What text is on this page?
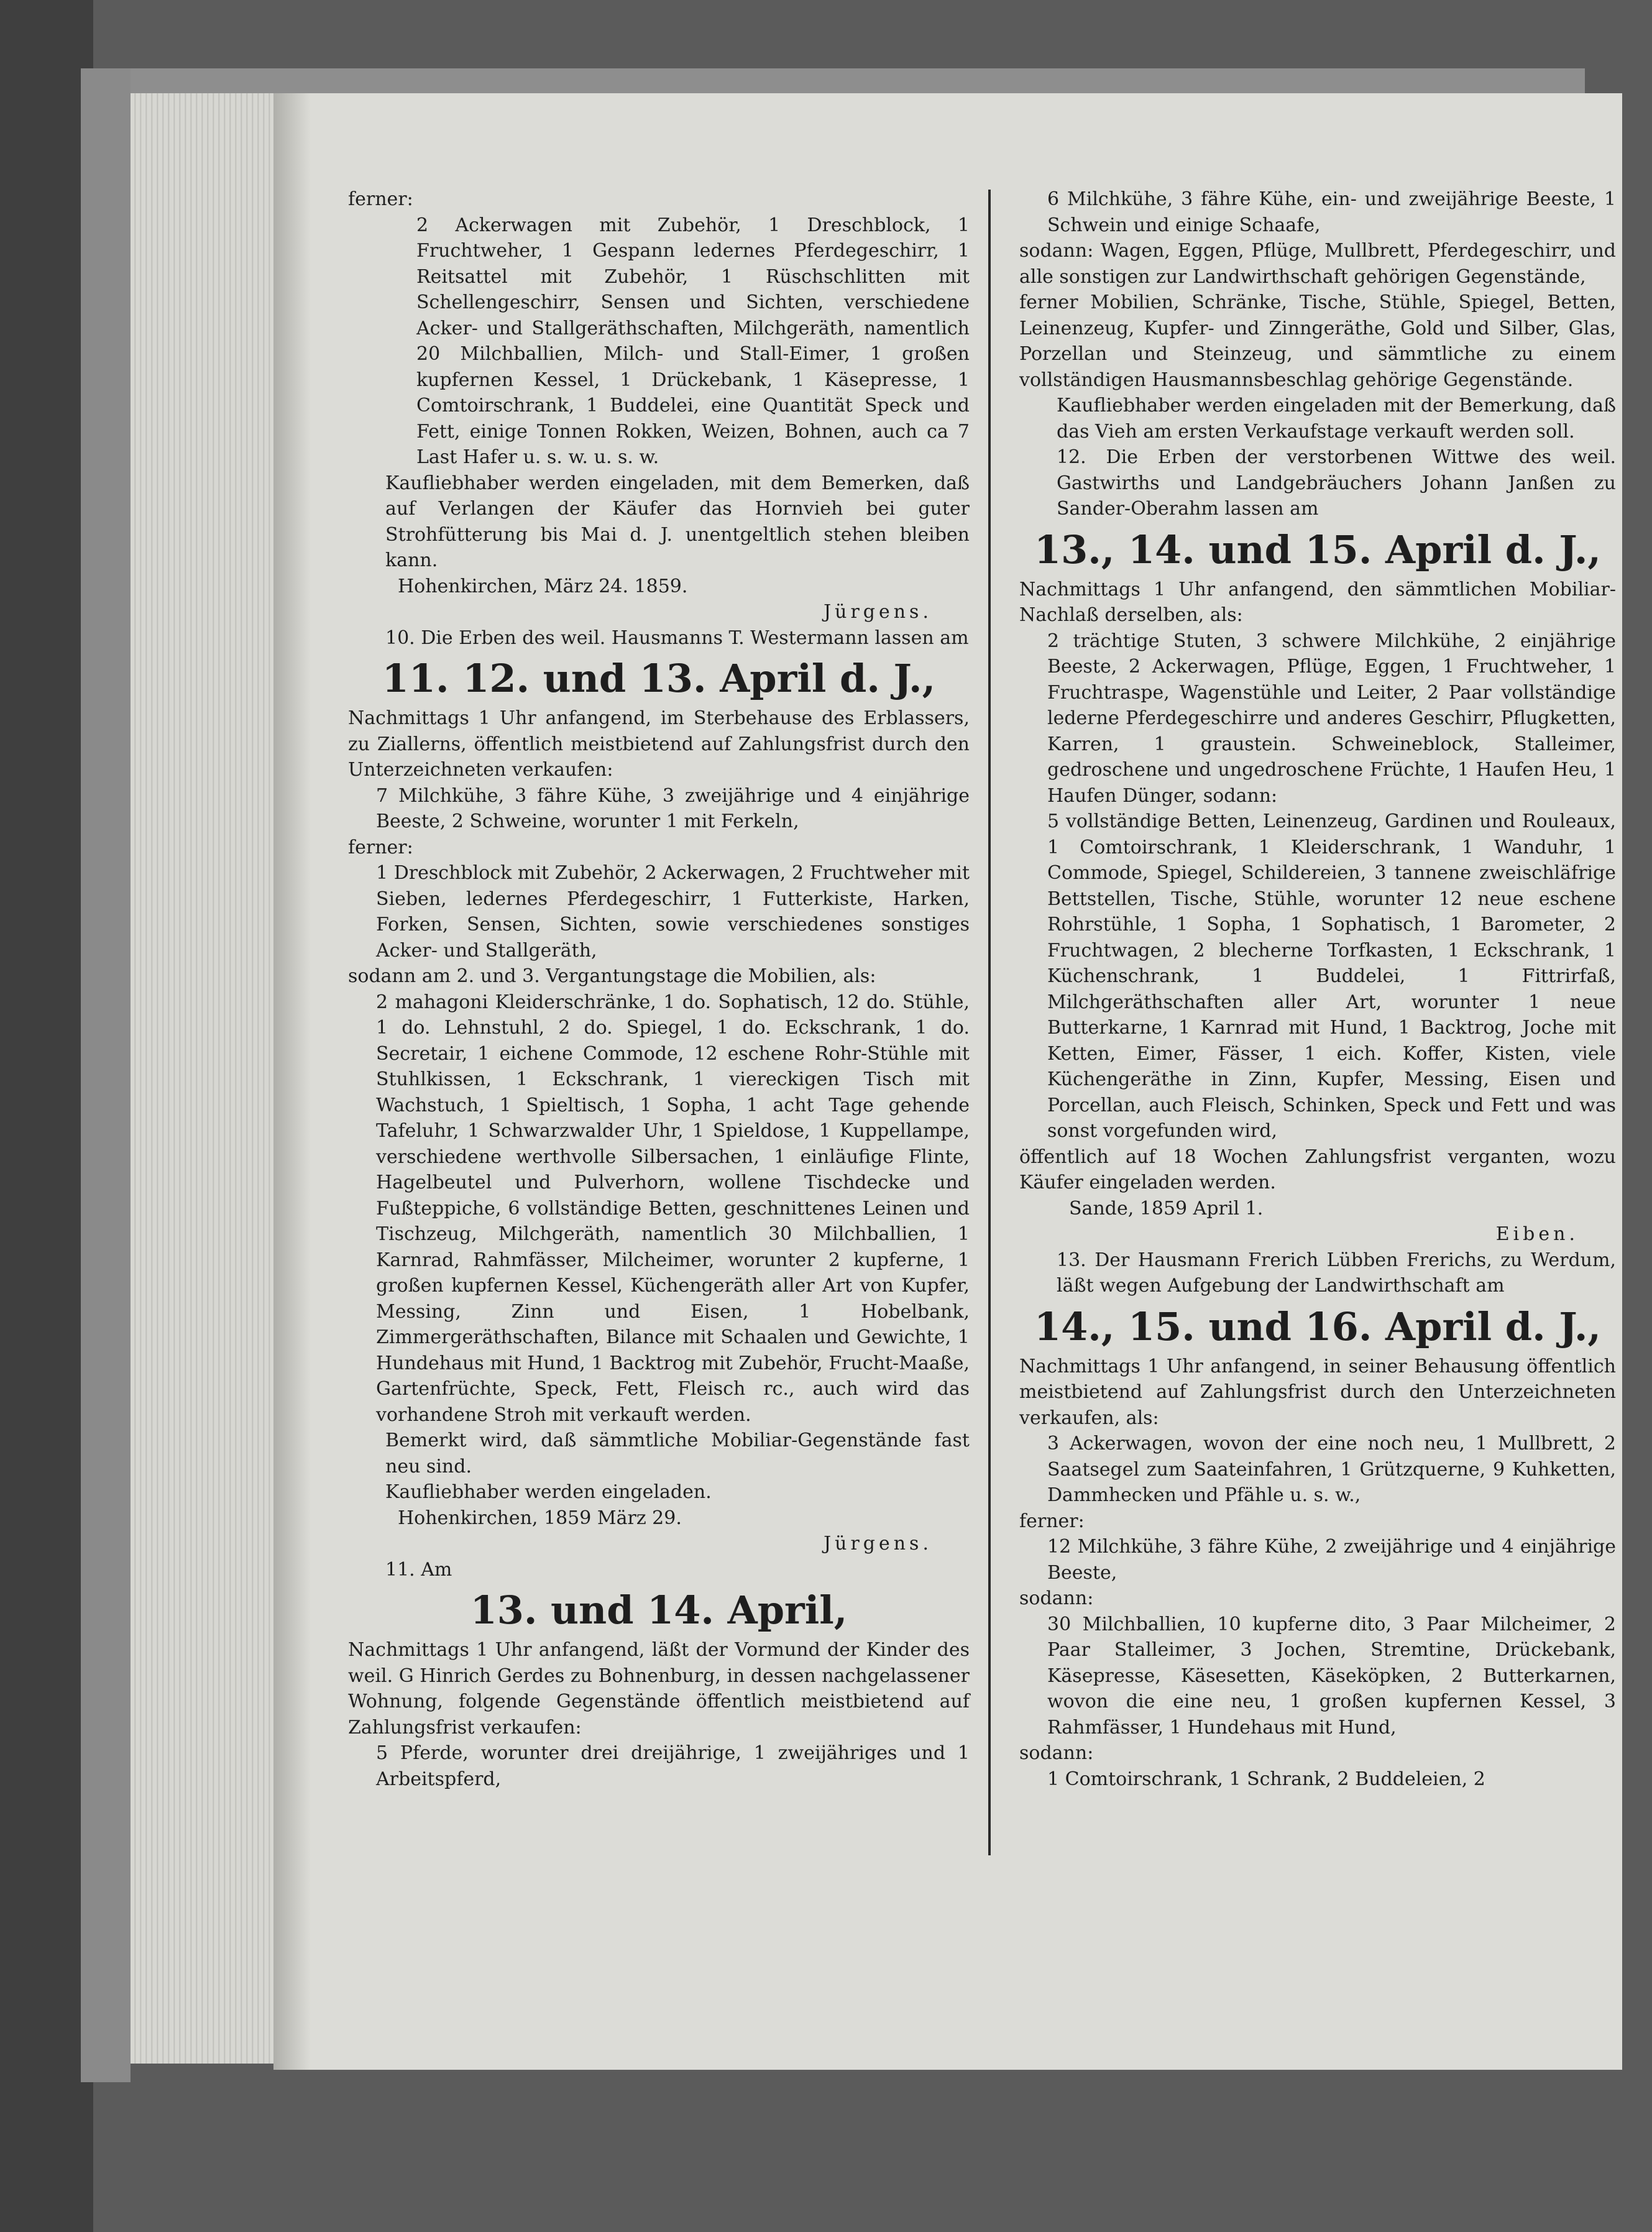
ferner:

2 Ackerwagen mit Zubehör, 1 Dreschblock, 1 Fruchtweher, 1 Gespann ledernes Pferdegeschirr, 1 Reitsattel mit Zubehör, 1 Rüschschlitten mit Schellengeschirr, Sensen und Sichten, verschiedene Acker- und Stallgeräthschaften, Milchgeräth, namentlich 20 Milchballien, Milch- und Stall-Eimer, 1 großen kupfernen Kessel, 1 Drückebank, 1 Käsepresse, 1 Comtoirschrank, 1 Buddelei, eine Quantität Speck und Fett, einige Tonnen Rokken, Weizen, Bohnen, auch ca 7 Last Hafer u. s. w. u. s. w.

Kaufliebhaber werden eingeladen, mit dem Bemerken, daß auf Verlangen der Käufer das Hornvieh bei guter Strohfütterung bis Mai d. J. unentgeltlich stehen bleiben kann.

Hohenkirchen, März 24. 1859.

Jürgens.

10. Die Erben des weil. Hausmanns T. Westermann lassen am

11. 12. und 13. April d. J.,

Nachmittags 1 Uhr anfangend, im Sterbehause des Erblassers, zu Ziallerns, öffentlich meistbietend auf Zahlungsfrist durch den Unterzeichneten verkaufen:

7 Milchkühe, 3 fähre Kühe, 3 zweijährige und 4 einjährige Beeste, 2 Schweine, worunter 1 mit Ferkeln,

ferner:

1 Dreschblock mit Zubehör, 2 Ackerwagen, 2 Fruchtweher mit Sieben, ledernes Pferdegeschirr, 1 Futterkiste, Harken, Forken, Sensen, Sichten, sowie verschiedenes sonstiges Acker- und Stallgeräth,

sodann am 2. und 3. Vergantungstage die Mobilien, als:

2 mahagoni Kleiderschränke, 1 do. Sophatisch, 12 do. Stühle, 1 do. Lehnstuhl, 2 do. Spiegel, 1 do. Eckschrank, 1 do. Secretair, 1 eichene Commode, 12 eschene Rohr-Stühle mit Stuhlkissen, 1 Eckschrank, 1 viereckigen Tisch mit Wachstuch, 1 Spieltisch, 1 Sopha, 1 acht Tage gehende Tafeluhr, 1 Schwarzwalder Uhr, 1 Spieldose, 1 Kuppellampe, verschiedene werthvolle Silbersachen, 1 einläufige Flinte, Hagelbeutel und Pulverhorn, wollene Tischdecke und Fußteppiche, 6 vollständige Betten, geschnittenes Leinen und Tischzeug, Milchgeräth, namentlich 30 Milchballien, 1 Karnrad, Rahmfässer, Milcheimer, worunter 2 kupferne, 1 großen kupfernen Kessel, Küchengeräth aller Art von Kupfer, Messing, Zinn und Eisen, 1 Hobelbank, Zimmergeräthschaften, Bilance mit Schaalen und Gewichte, 1 Hundehaus mit Hund, 1 Backtrog mit Zubehör, Frucht-Maaße, Gartenfrüchte, Speck, Fett, Fleisch rc., auch wird das vorhandene Stroh mit verkauft werden.

Bemerkt wird, daß sämmtliche Mobiliar-Gegenstände fast neu sind.

Kaufliebhaber werden eingeladen.

Hohenkirchen, 1859 März 29.

Jürgens.

11. Am

13. und 14. April,

Nachmittags 1 Uhr anfangend, läßt der Vormund der Kinder des weil. G Hinrich Gerdes zu Bohnenburg, in dessen nachgelassener Wohnung, folgende Gegenstände öffentlich meistbietend auf Zahlungsfrist verkaufen:

5 Pferde, worunter drei dreijährige, 1 zweijähriges und 1 Arbeitspferd,

6 Milchkühe, 3 fähre Kühe, ein- und zweijährige Beeste, 1 Schwein und einige Schaafe,

sodann: Wagen, Eggen, Pflüge, Mullbrett, Pferdegeschirr, und alle sonstigen zur Landwirthschaft gehörigen Gegenstände,

ferner Mobilien, Schränke, Tische, Stühle, Spiegel, Betten, Leinenzeug, Kupfer- und Zinngeräthe, Gold und Silber, Glas, Porzellan und Steinzeug, und sämmtliche zu einem vollständigen Hausmannsbeschlag gehörige Gegenstände.

Kaufliebhaber werden eingeladen mit der Bemerkung, daß das Vieh am ersten Verkaufstage verkauft werden soll.

12. Die Erben der verstorbenen Wittwe des weil. Gastwirths und Landgebräuchers Johann Janßen zu Sander-Oberahm lassen am

13., 14. und 15. April d. J.,

Nachmittags 1 Uhr anfangend, den sämmtlichen Mobiliar-Nachlaß derselben, als:

2 trächtige Stuten, 3 schwere Milchkühe, 2 einjährige Beeste, 2 Ackerwagen, Pflüge, Eggen, 1 Fruchtweher, 1 Fruchtraspe, Wagenstühle und Leiter, 2 Paar vollständige lederne Pferdegeschirre und anderes Geschirr, Pflugketten, Karren, 1 graustein. Schweineblock, Stalleimer, gedroschene und ungedroschene Früchte, 1 Haufen Heu, 1 Haufen Dünger, sodann:

5 vollständige Betten, Leinenzeug, Gardinen und Rouleaux, 1 Comtoirschrank, 1 Kleiderschrank, 1 Wanduhr, 1 Commode, Spiegel, Schildereien, 3 tannene zweischläfrige Bettstellen, Tische, Stühle, worunter 12 neue eschene Rohrstühle, 1 Sopha, 1 Sophatisch, 1 Barometer, 2 Fruchtwagen, 2 blecherne Torfkasten, 1 Eckschrank, 1 Küchenschrank, 1 Buddelei, 1 Fittrirfaß, Milchgeräthschaften aller Art, worunter 1 neue Butterkarne, 1 Karnrad mit Hund, 1 Backtrog, Joche mit Ketten, Eimer, Fässer, 1 eich. Koffer, Kisten, viele Küchengeräthe in Zinn, Kupfer, Messing, Eisen und Porcellan, auch Fleisch, Schinken, Speck und Fett und was sonst vorgefunden wird,

öffentlich auf 18 Wochen Zahlungsfrist verganten, wozu Käufer eingeladen werden.

Sande, 1859 April 1.

Eiben.

13. Der Hausmann Frerich Lübben Frerichs, zu Werdum, läßt wegen Aufgebung der Landwirthschaft am

14., 15. und 16. April d. J.,

Nachmittags 1 Uhr anfangend, in seiner Behausung öffentlich meistbietend auf Zahlungsfrist durch den Unterzeichneten verkaufen, als:

3 Ackerwagen, wovon der eine noch neu, 1 Mullbrett, 2 Saatsegel zum Saateinfahren, 1 Grützquerne, 9 Kuhketten, Dammhecken und Pfähle u. s. w.,

ferner:

12 Milchkühe, 3 fähre Kühe, 2 zweijährige und 4 einjährige Beeste,

sodann:

30 Milchballien, 10 kupferne dito, 3 Paar Milcheimer, 2 Paar Stalleimer, 3 Jochen, Stremtine, Drückebank, Käsepresse, Käsesetten, Käseköpken, 2 Butterkarnen, wovon die eine neu, 1 großen kupfernen Kessel, 3 Rahmfässer, 1 Hundehaus mit Hund,

sodann:

1 Comtoirschrank, 1 Schrank, 2 Buddeleien, 2
